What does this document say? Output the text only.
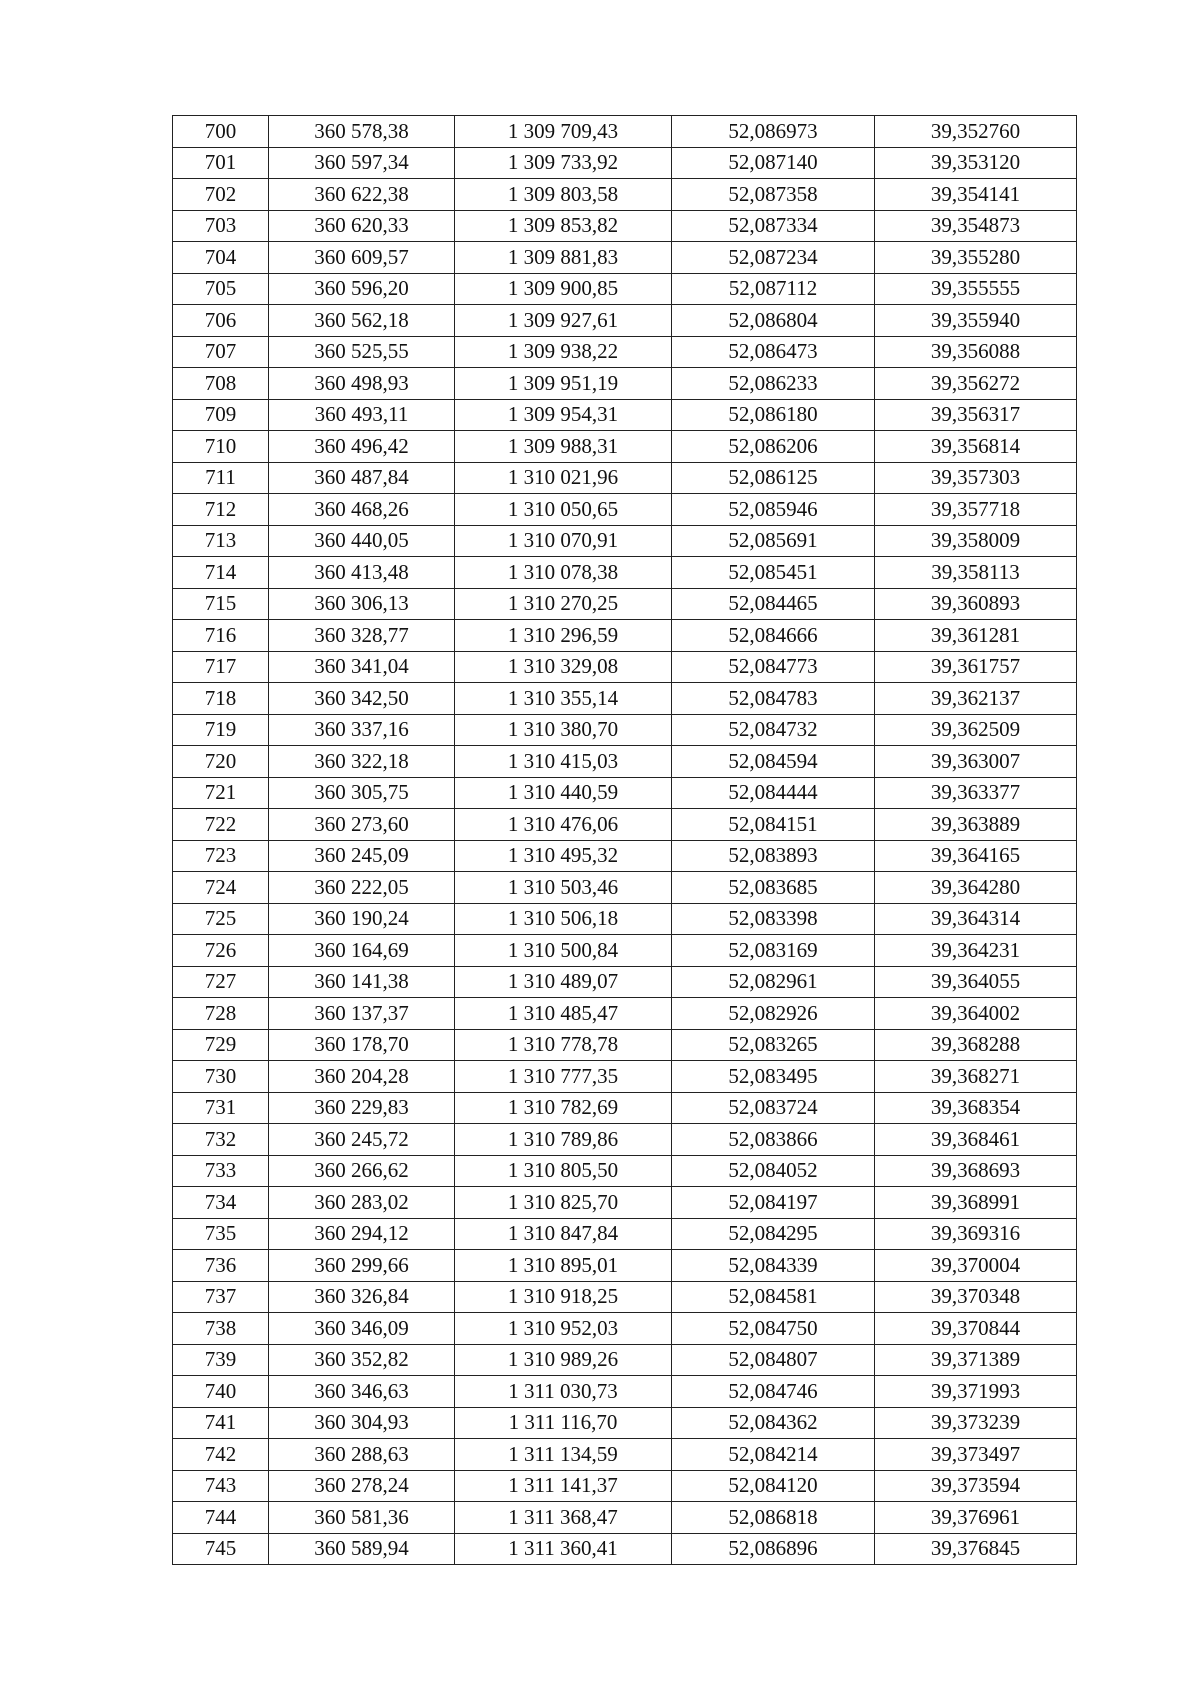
700	360 578,38	1 309 709,43	52,086973	39,352760
701	360 597,34	1 309 733,92	52,087140	39,353120
702	360 622,38	1 309 803,58	52,087358	39,354141
703	360 620,33	1 309 853,82	52,087334	39,354873
704	360 609,57	1 309 881,83	52,087234	39,355280
705	360 596,20	1 309 900,85	52,087112	39,355555
706	360 562,18	1 309 927,61	52,086804	39,355940
707	360 525,55	1 309 938,22	52,086473	39,356088
708	360 498,93	1 309 951,19	52,086233	39,356272
709	360 493,11	1 309 954,31	52,086180	39,356317
710	360 496,42	1 309 988,31	52,086206	39,356814
711	360 487,84	1 310 021,96	52,086125	39,357303
712	360 468,26	1 310 050,65	52,085946	39,357718
713	360 440,05	1 310 070,91	52,085691	39,358009
714	360 413,48	1 310 078,38	52,085451	39,358113
715	360 306,13	1 310 270,25	52,084465	39,360893
716	360 328,77	1 310 296,59	52,084666	39,361281
717	360 341,04	1 310 329,08	52,084773	39,361757
718	360 342,50	1 310 355,14	52,084783	39,362137
719	360 337,16	1 310 380,70	52,084732	39,362509
720	360 322,18	1 310 415,03	52,084594	39,363007
721	360 305,75	1 310 440,59	52,084444	39,363377
722	360 273,60	1 310 476,06	52,084151	39,363889
723	360 245,09	1 310 495,32	52,083893	39,364165
724	360 222,05	1 310 503,46	52,083685	39,364280
725	360 190,24	1 310 506,18	52,083398	39,364314
726	360 164,69	1 310 500,84	52,083169	39,364231
727	360 141,38	1 310 489,07	52,082961	39,364055
728	360 137,37	1 310 485,47	52,082926	39,364002
729	360 178,70	1 310 778,78	52,083265	39,368288
730	360 204,28	1 310 777,35	52,083495	39,368271
731	360 229,83	1 310 782,69	52,083724	39,368354
732	360 245,72	1 310 789,86	52,083866	39,368461
733	360 266,62	1 310 805,50	52,084052	39,368693
734	360 283,02	1 310 825,70	52,084197	39,368991
735	360 294,12	1 310 847,84	52,084295	39,369316
736	360 299,66	1 310 895,01	52,084339	39,370004
737	360 326,84	1 310 918,25	52,084581	39,370348
738	360 346,09	1 310 952,03	52,084750	39,370844
739	360 352,82	1 310 989,26	52,084807	39,371389
740	360 346,63	1 311 030,73	52,084746	39,371993
741	360 304,93	1 311 116,70	52,084362	39,373239
742	360 288,63	1 311 134,59	52,084214	39,373497
743	360 278,24	1 311 141,37	52,084120	39,373594
744	360 581,36	1 311 368,47	52,086818	39,376961
745	360 589,94	1 311 360,41	52,086896	39,376845
